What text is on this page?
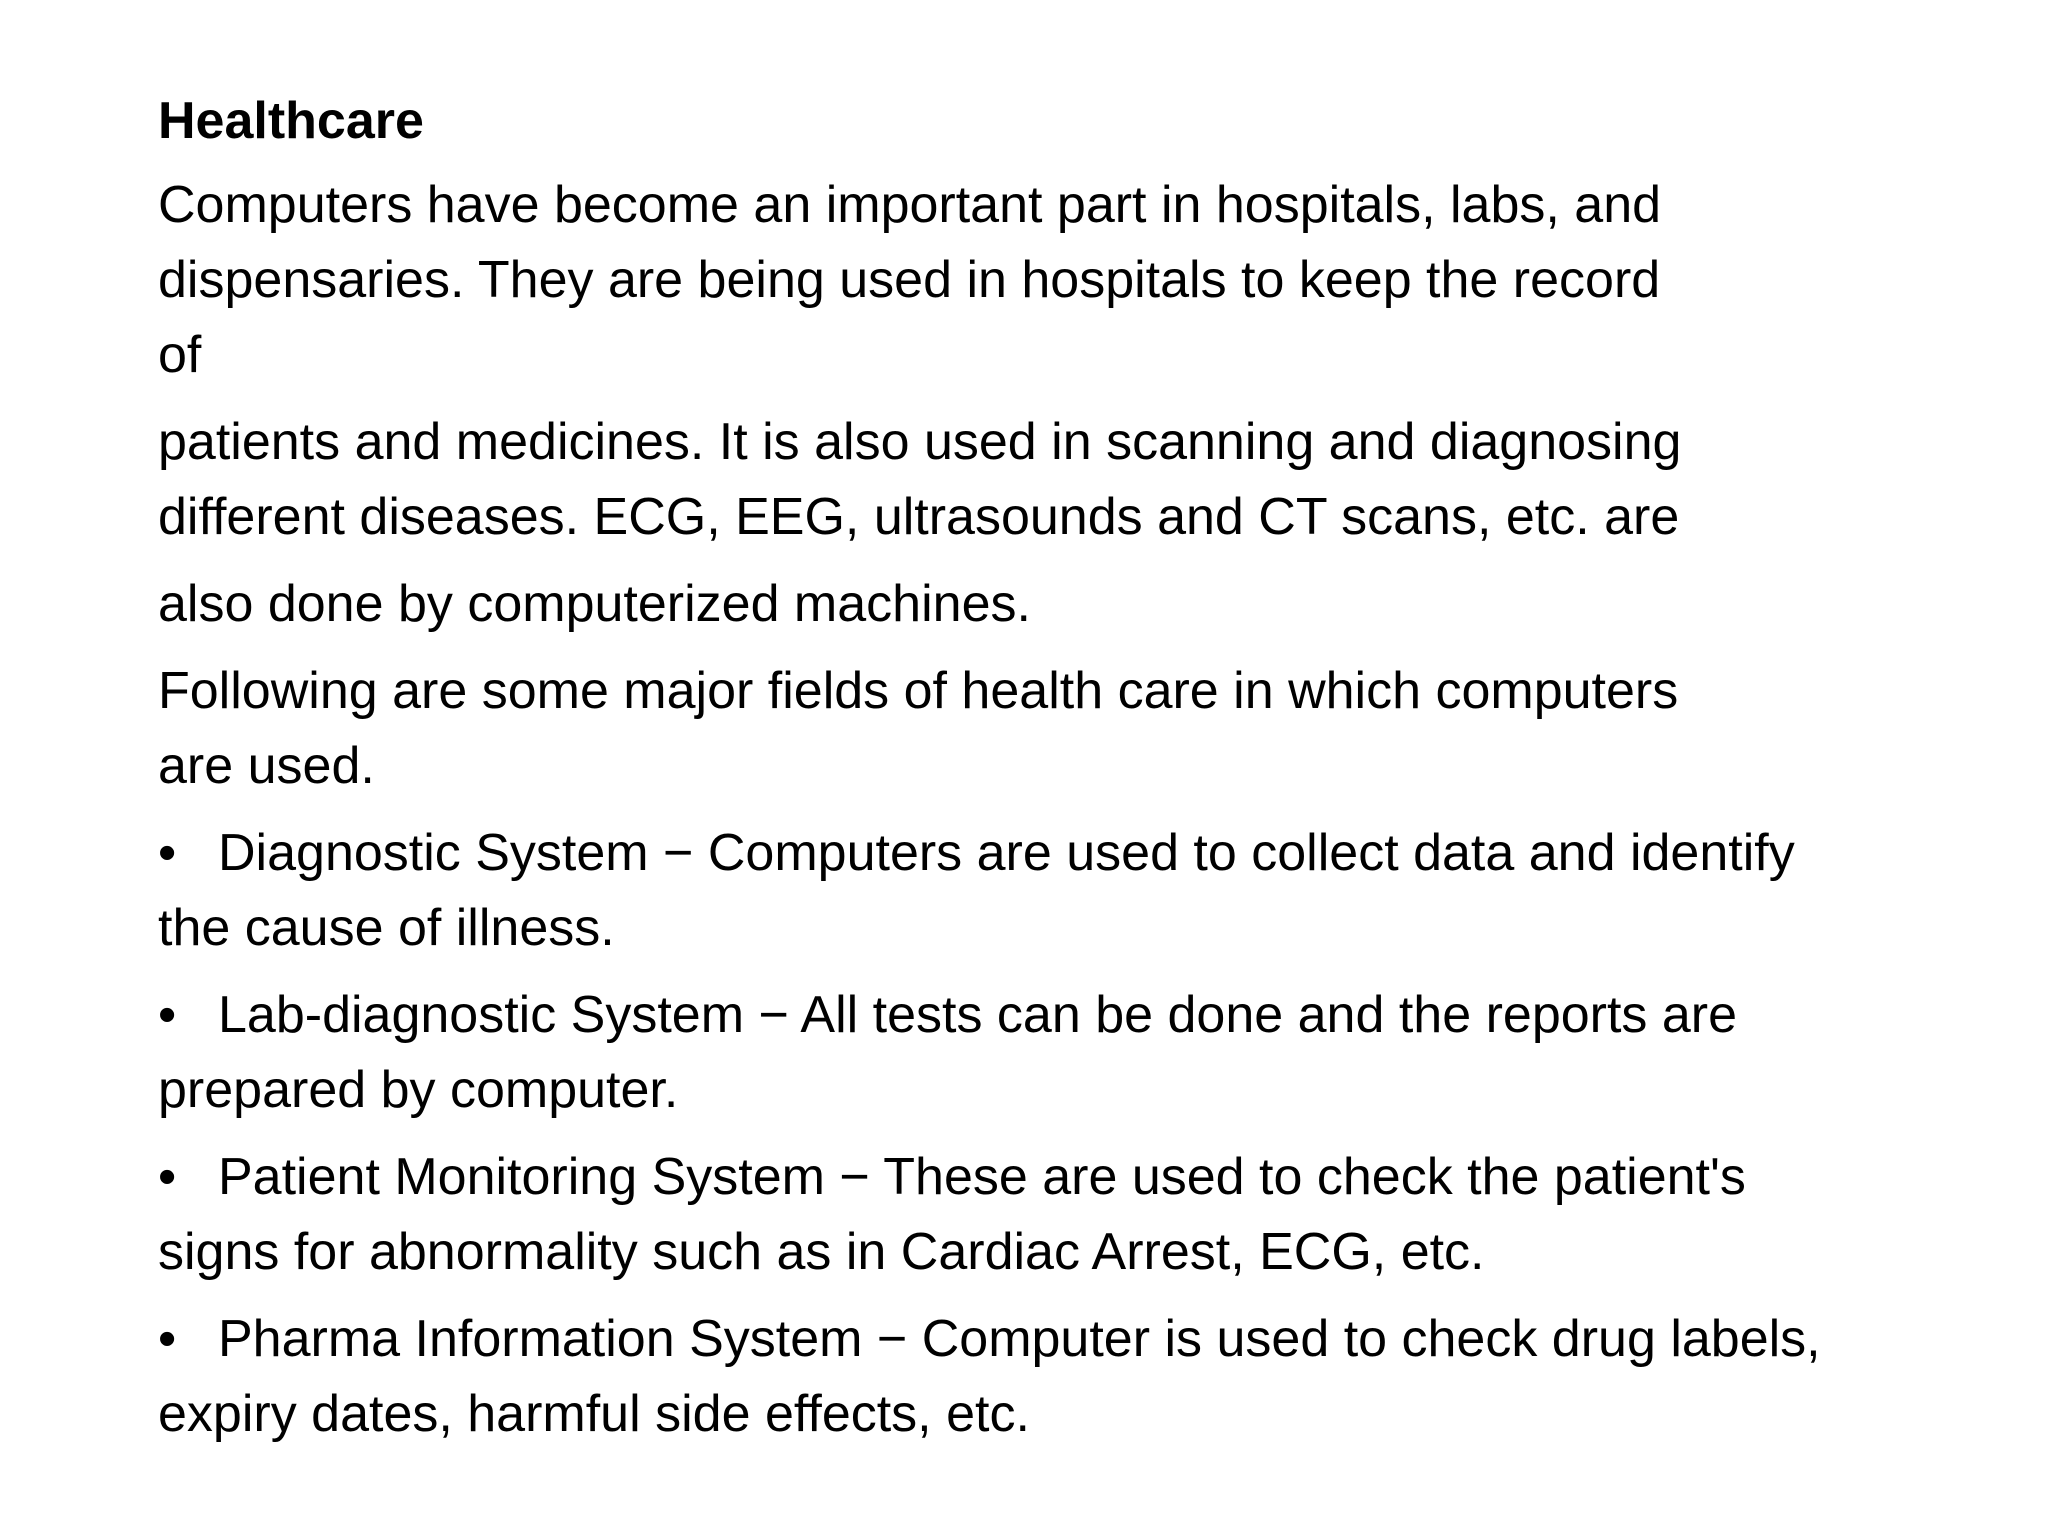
Healthcare
Computers have become an important part in hospitals, labs, and
dispensaries. They are being used in hospitals to keep the record
of
patients and medicines. It is also used in scanning and diagnosing
different diseases. ECG, EEG, ultrasounds and CT scans, etc. are
also done by computerized machines.
Following are some major fields of health care in which computers
are used.
• Diagnostic System − Computers are used to collect data and identify the cause of illness.
• Lab-diagnostic System − All tests can be done and the reports are prepared by computer.
• Patient Monitoring System − These are used to check the patient's signs for abnormality such as in Cardiac Arrest, ECG, etc.
• Pharma Information System − Computer is used to check drug labels, expiry dates, harmful side effects, etc.
